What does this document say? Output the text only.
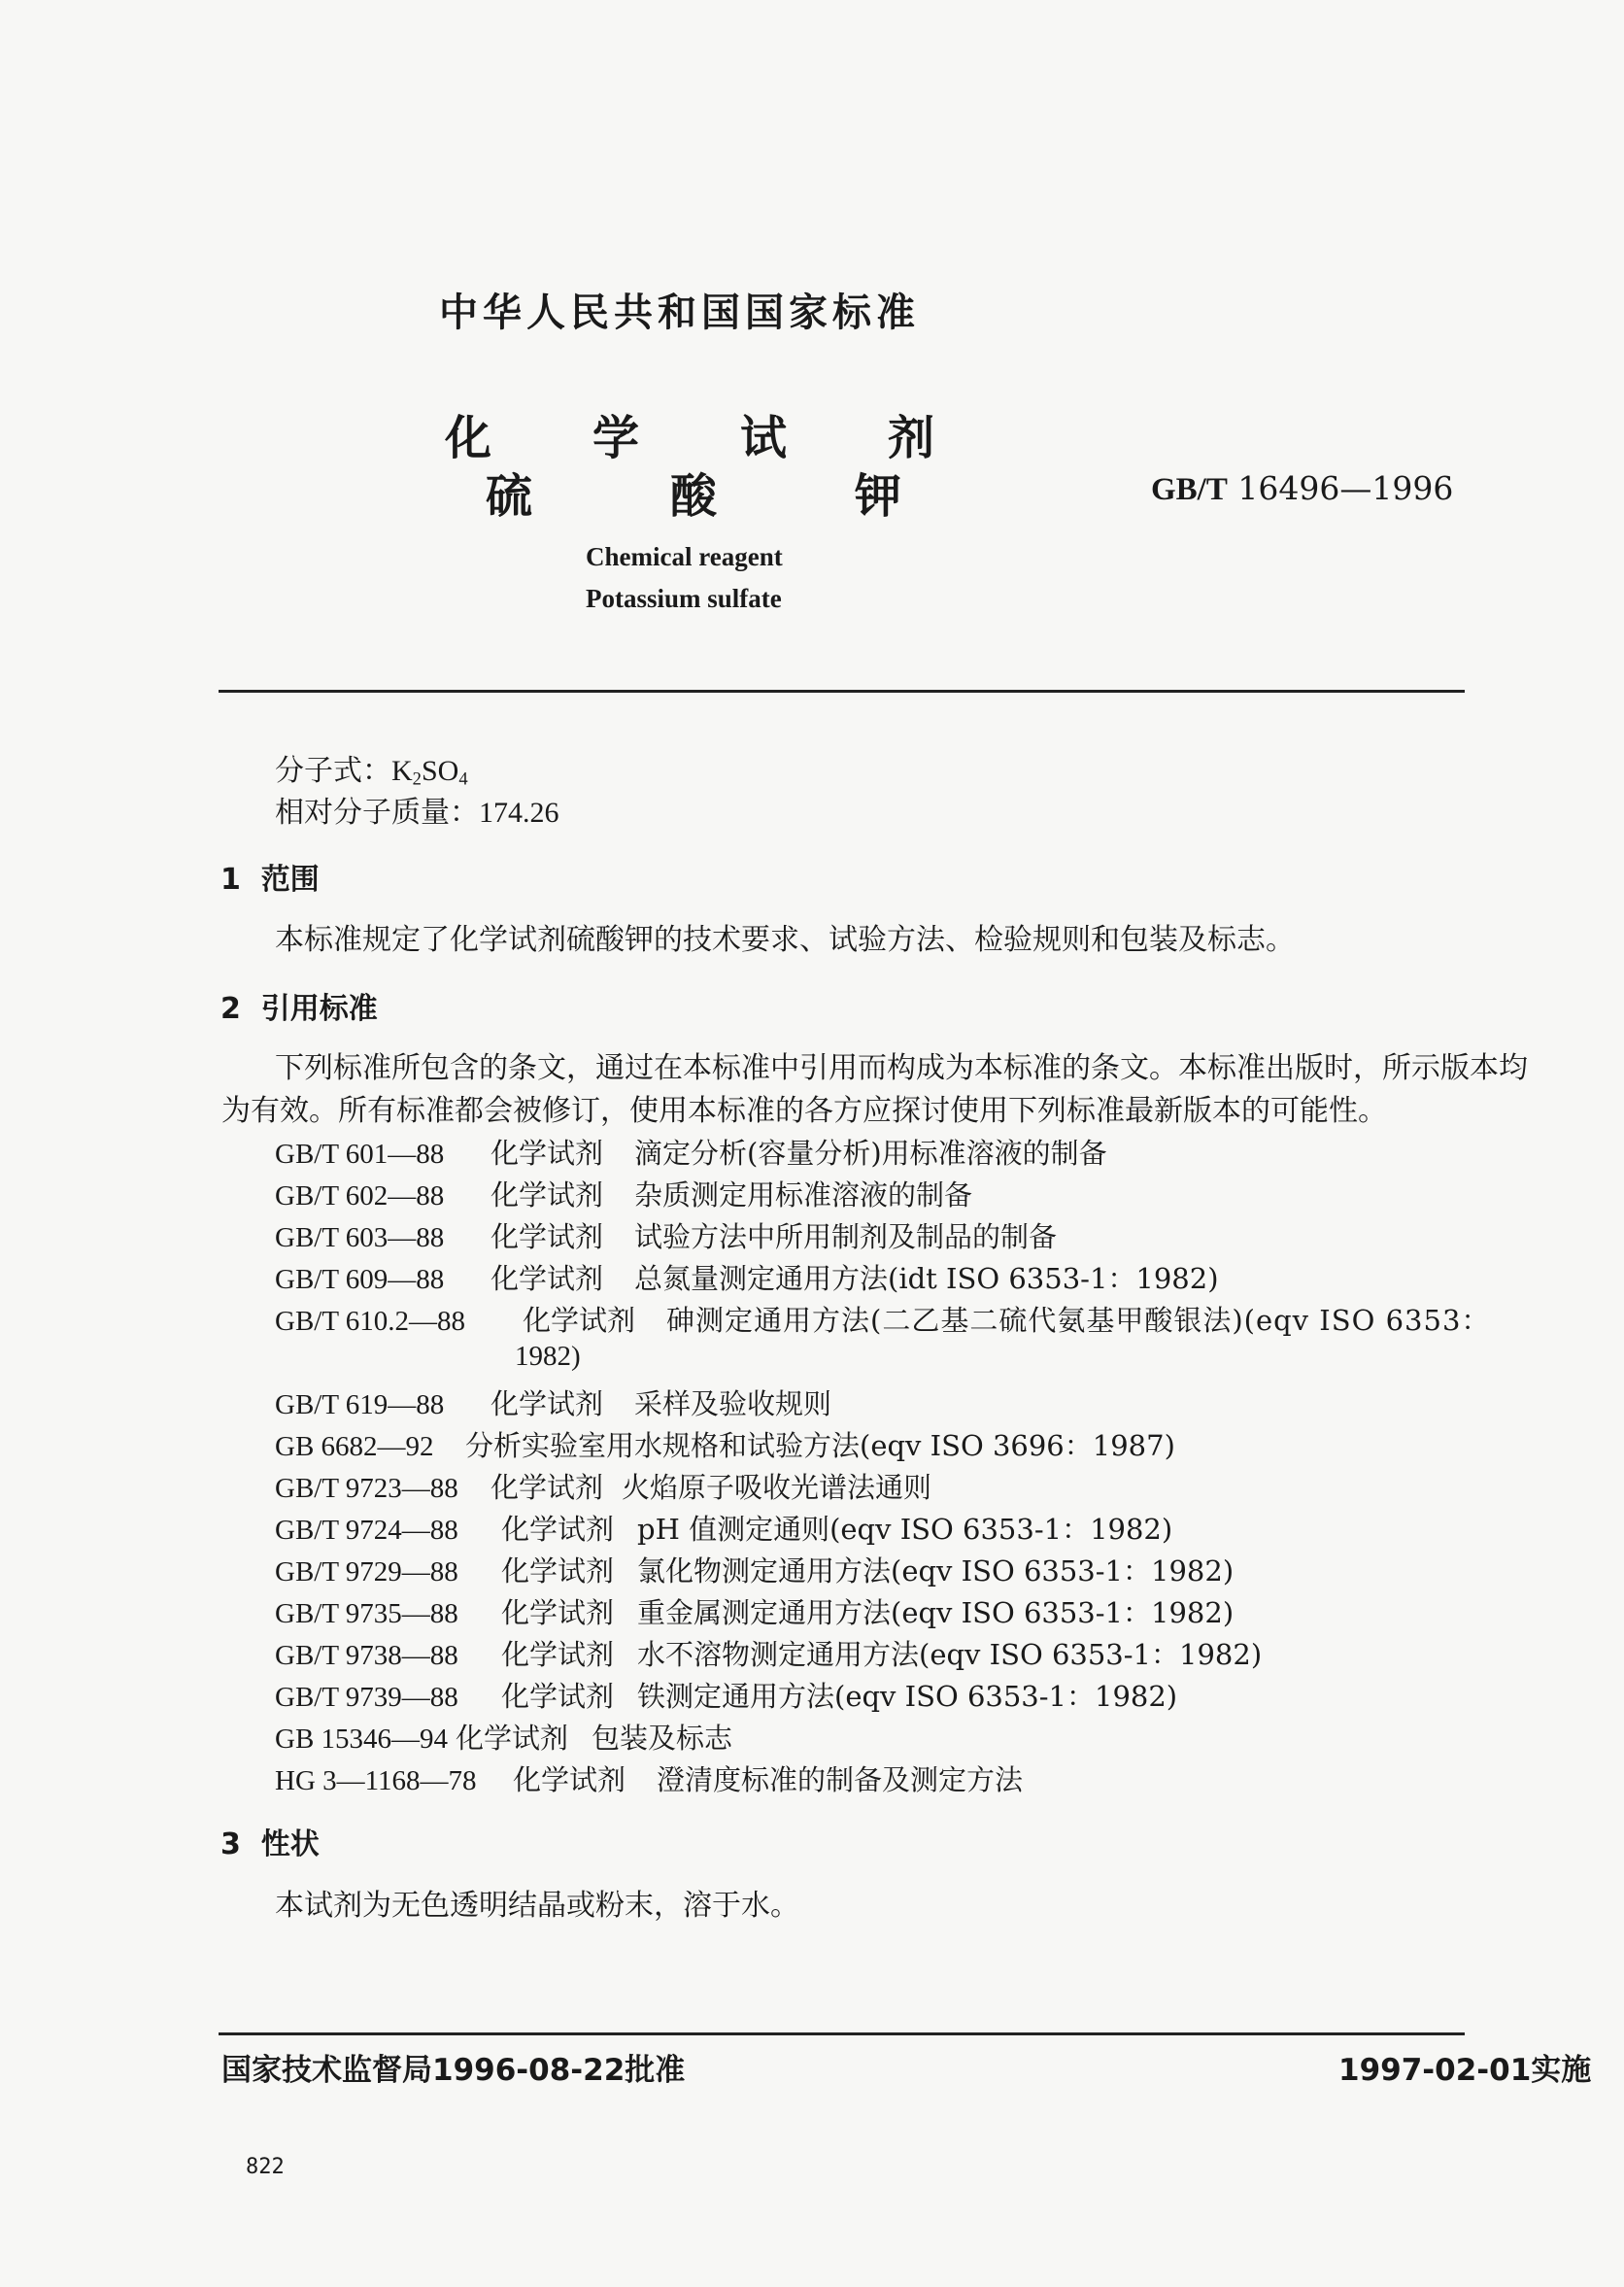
中华人民共和国国家标准
化 学 试 剂
硫	酸	钾	GB/T 16496—1996
Chemical reagent
Potassium sulfate
分子式：$K_2SO_4$
相对分子质量：174.26
1 范围
本标准规定了化学试剂硫酸钾的技术要求、试验方法、检验规则和包装及标志。
2 引用标准
下列标准所包含的条文，通过在本标准中引用而构成为本标准的条文。本标准出版时，所示版本均
为有效。所有标准都会被修订，使用本标准的各方应探讨使用下列标准最新版本的可能性。
GB/T 601—88 化学试剂 滴定分析(容量分析)用标准溶液的制备
GB/T 602—88 化学试剂 杂质测定用标准溶液的制备
GB/T 603—88 化学试剂 试验方法中所用制剂及制品的制备
GB/T 609—88 化学试剂 总氮量测定通用方法(idt ISO 6353-1：1982)
GB/T 610.2—88 化学试剂 砷测定通用方法(二乙基二硫代氨基甲酸银法)(eqv ISO 6353：
1982)
GB/T 619—88 化学试剂 采样及验收规则
GB 6682—92 分析实验室用水规格和试验方法(eqv ISO 3696：1987)
GB/T 9723—88 化学试剂 火焰原子吸收光谱法通则
GB/T 9724—88 化学试剂 pH 值测定通则(eqv ISO 6353-1：1982)
GB/T 9729—88 化学试剂 氯化物测定通用方法(eqv ISO 6353-1：1982)
GB/T 9735—88 化学试剂 重金属测定通用方法(eqv ISO 6353-1：1982)
GB/T 9738—88 化学试剂 水不溶物测定通用方法(eqv ISO 6353-1：1982)
GB/T 9739—88 化学试剂 铁测定通用方法(eqv ISO 6353-1：1982)
GB 15346—94 化学试剂 包装及标志
HG 3—1168—78 化学试剂 澄清度标准的制备及测定方法
3 性状
本试剂为无色透明结晶或粉末，溶于水。
国家技术监督局1996-08-22批准	1997-02-01实施
822
